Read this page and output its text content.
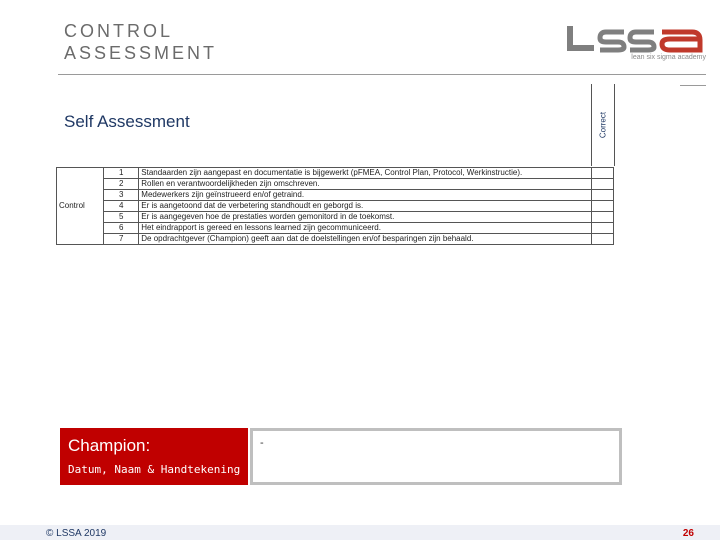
CONTROL
ASSESSMENT	lean six sigma academy
Self Assessment	Correct
Control	1	Standaarden zijn aangepast en documentatie is bijgewerkt (pFMEA, Control Plan, Protocol, Werkinstructie).	
	2	Rollen en verantwoordelijkheden zijn omschreven.	
	3	Medewerkers zijn geïnstrueerd en/of getraind.	
	4	Er is aangetoond dat de verbetering standhoudt en geborgd is.	
	5	Er is aangegeven hoe de prestaties worden gemonitord in de toekomst.	
	6	Het eindrapport is gereed en lessons learned zijn gecommuniceerd.	
	7	De opdrachtgever (Champion) geeft aan dat de doelstellingen en/of besparingen zijn behaald.	
Champion:
Datum, Naam & Handtekening
-
© LSSA 2019	26
